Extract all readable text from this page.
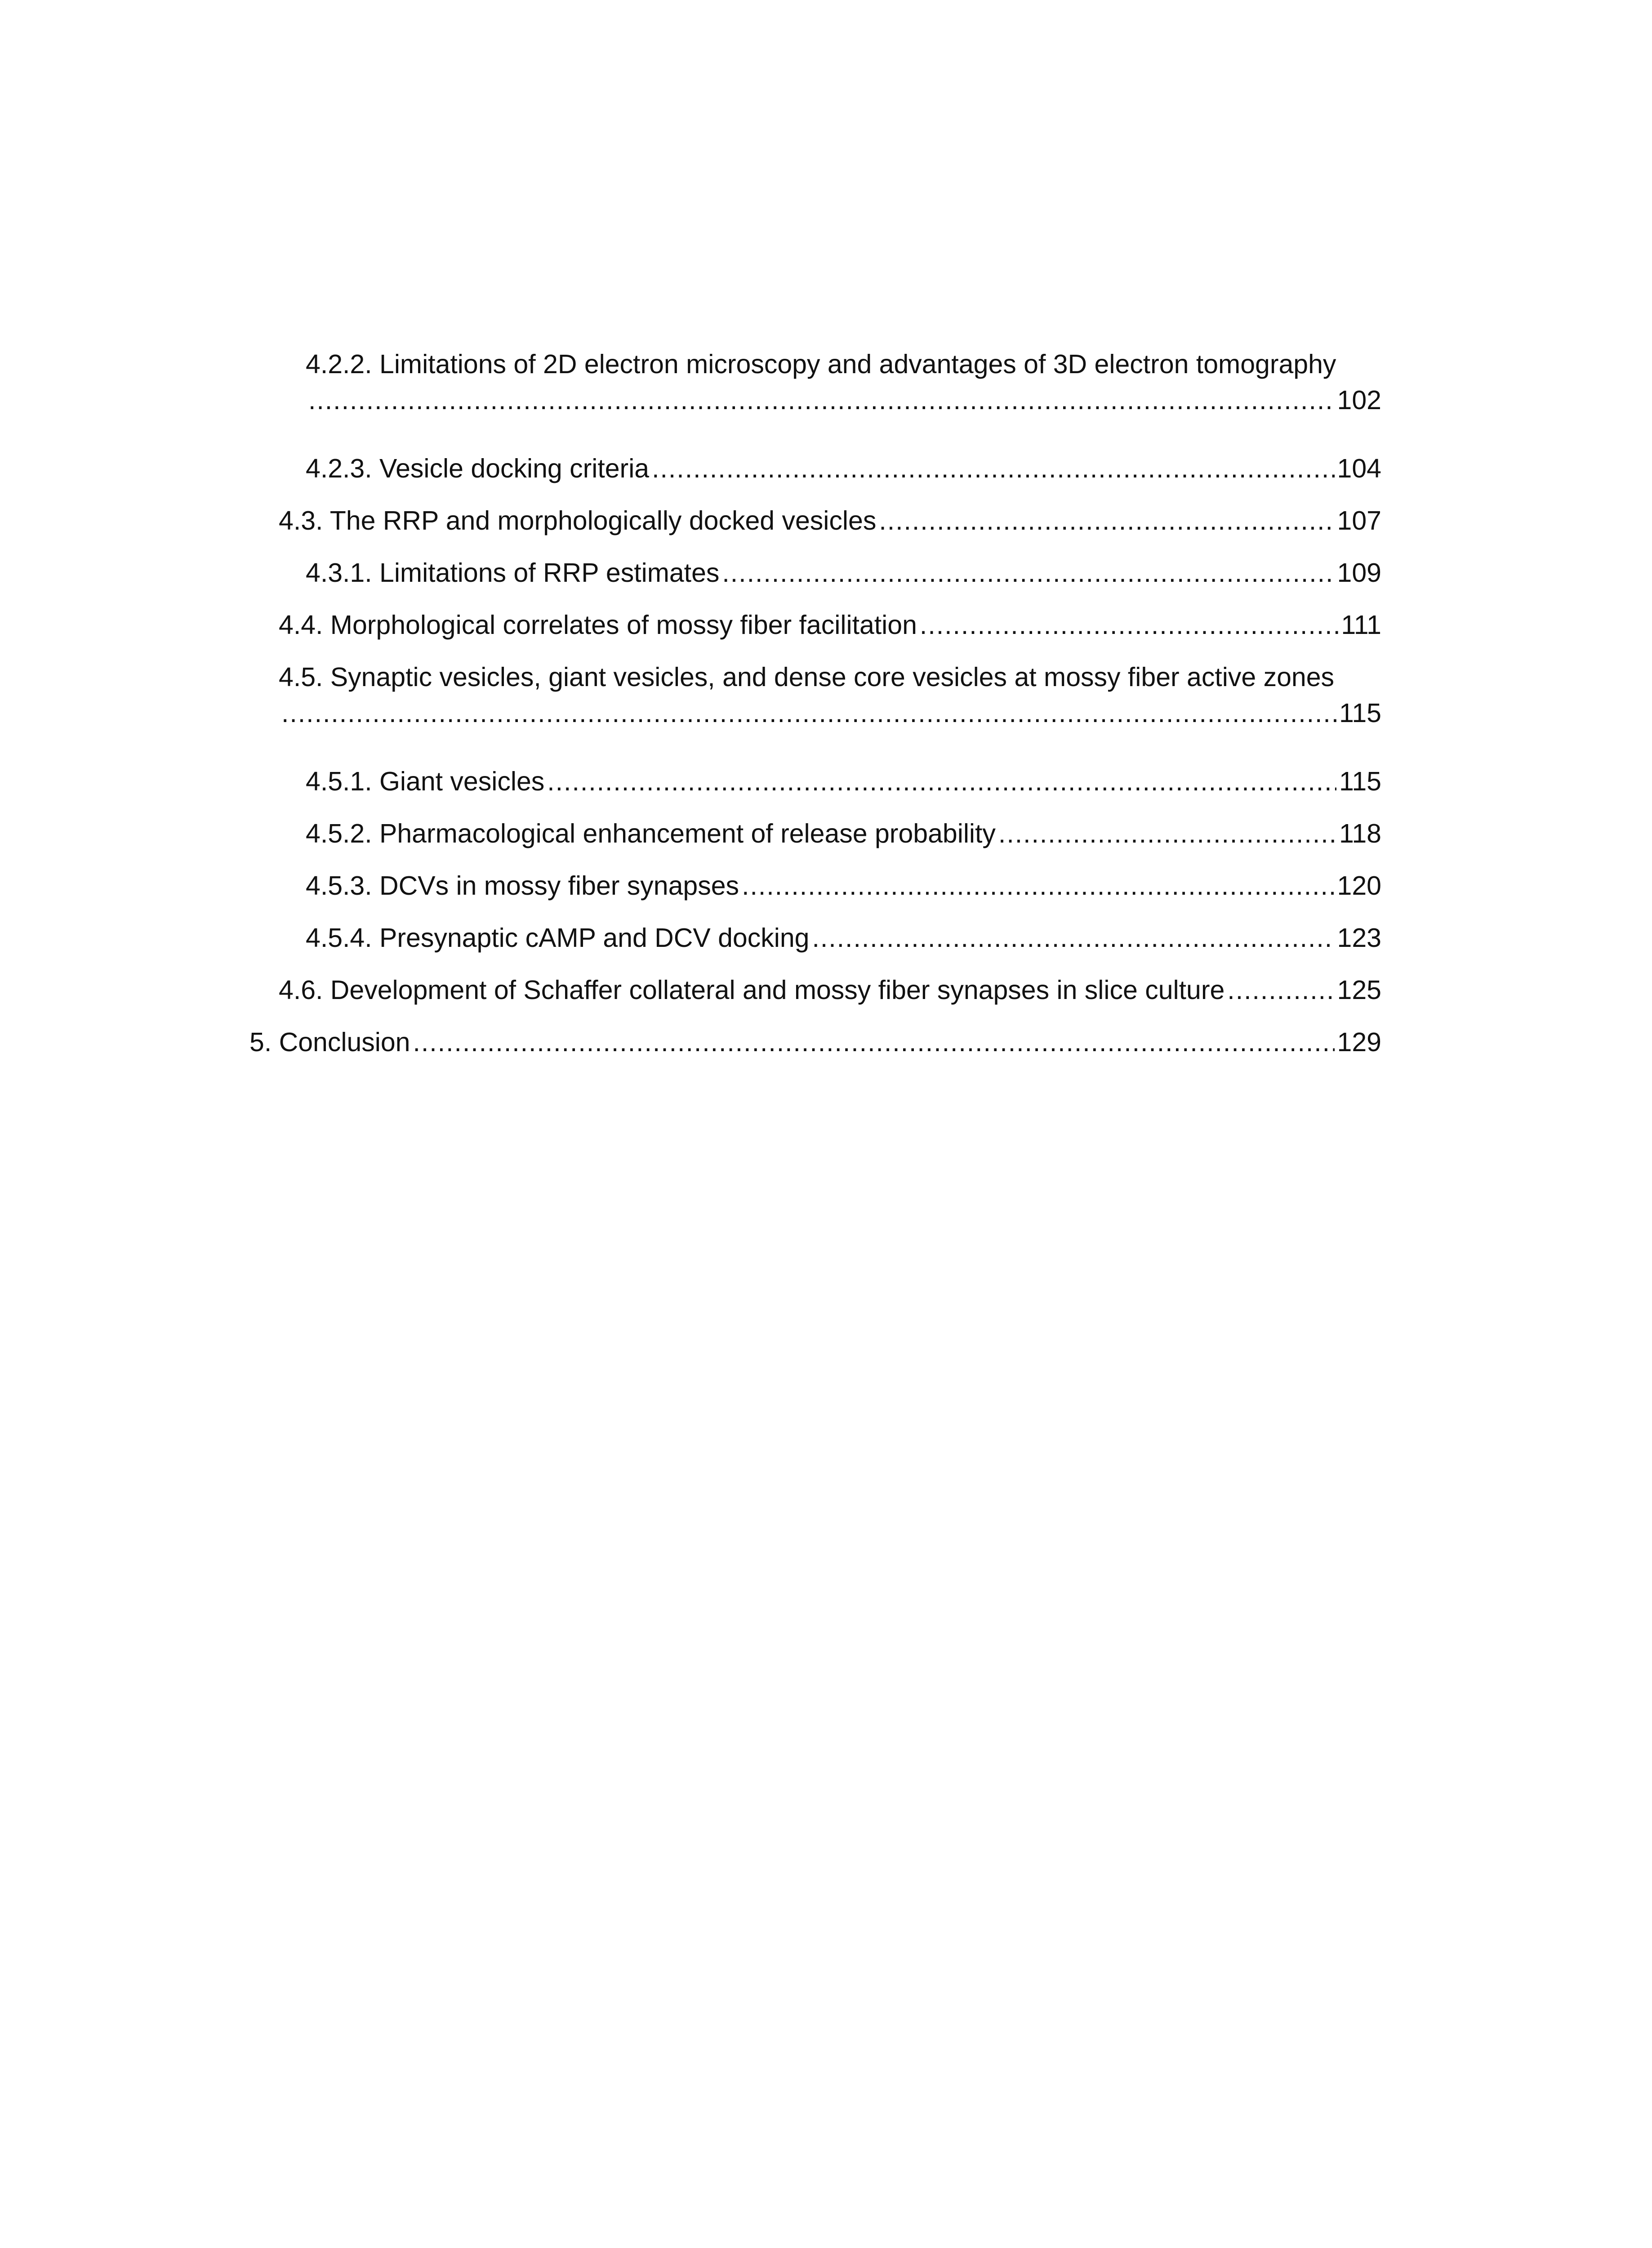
4.2.2. Limitations of 2D electron microscopy and advantages of 3D electron tomography
.....
102
4.2.3. Vesicle docking criteria .....	104
4.3. The RRP and morphologically docked vesicles .....	107
4.3.1. Limitations of RRP estimates .....	109
4.4. Morphological correlates of mossy fiber facilitation .....	111
4.5. Synaptic vesicles, giant vesicles, and dense core vesicles at mossy fiber active zones
.....
115
4.5.1. Giant vesicles .....	115
4.5.2. Pharmacological enhancement of release probability .....	118
4.5.3. DCVs in mossy fiber synapses .....	120
4.5.4. Presynaptic cAMP and DCV docking .....	123
4.6. Development of Schaffer collateral and mossy fiber synapses in slice culture .....	125
5. Conclusion .....	129
